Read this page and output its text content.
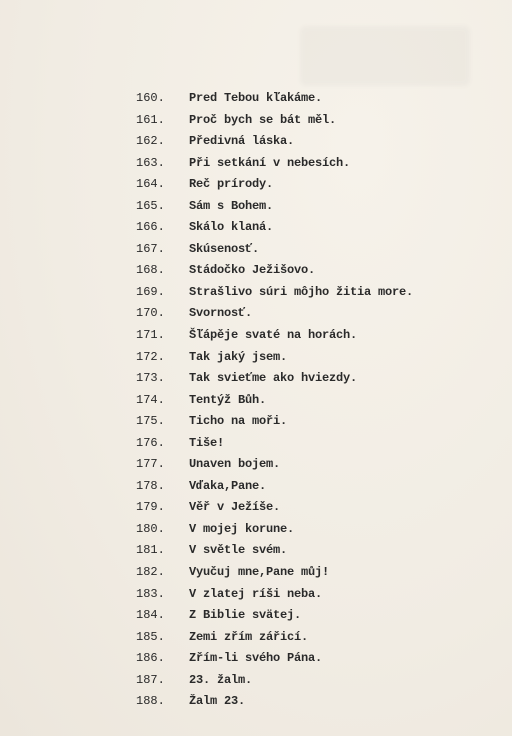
160.	Pred Tebou kľakáme.
161.	Proč bych se bát měl.
162.	Předivná láska.
163.	Při setkání v nebesích.
164.	Reč prírody.
165.	Sám s Bohem.
166.	Skálo klaná.
167.	Skúsenosť.
168.	Stádočko Ježišovo.
169.	Strašlivo súri môjho žitia more.
170.	Svornosť.
171.	Šľápěje svaté na horách.
172.	Tak jaký jsem.
173.	Tak svieťme ako hviezdy.
174.	Tentýž Bůh.
175.	Ticho na moři.
176.	Tiše!
177.	Unaven bojem.
178.	Vďaka,Pane.
179.	Věř v Ježíše.
180.	V mojej korune.
181.	V světle svém.
182.	Vyučuj mne,Pane můj!
183.	V zlatej ríši neba.
184.	Z Biblie svätej.
185.	Zemi zřím zářicí.
186.	Zřím-li svého Pána.
187.	23. žalm.
188.	Žalm 23.
